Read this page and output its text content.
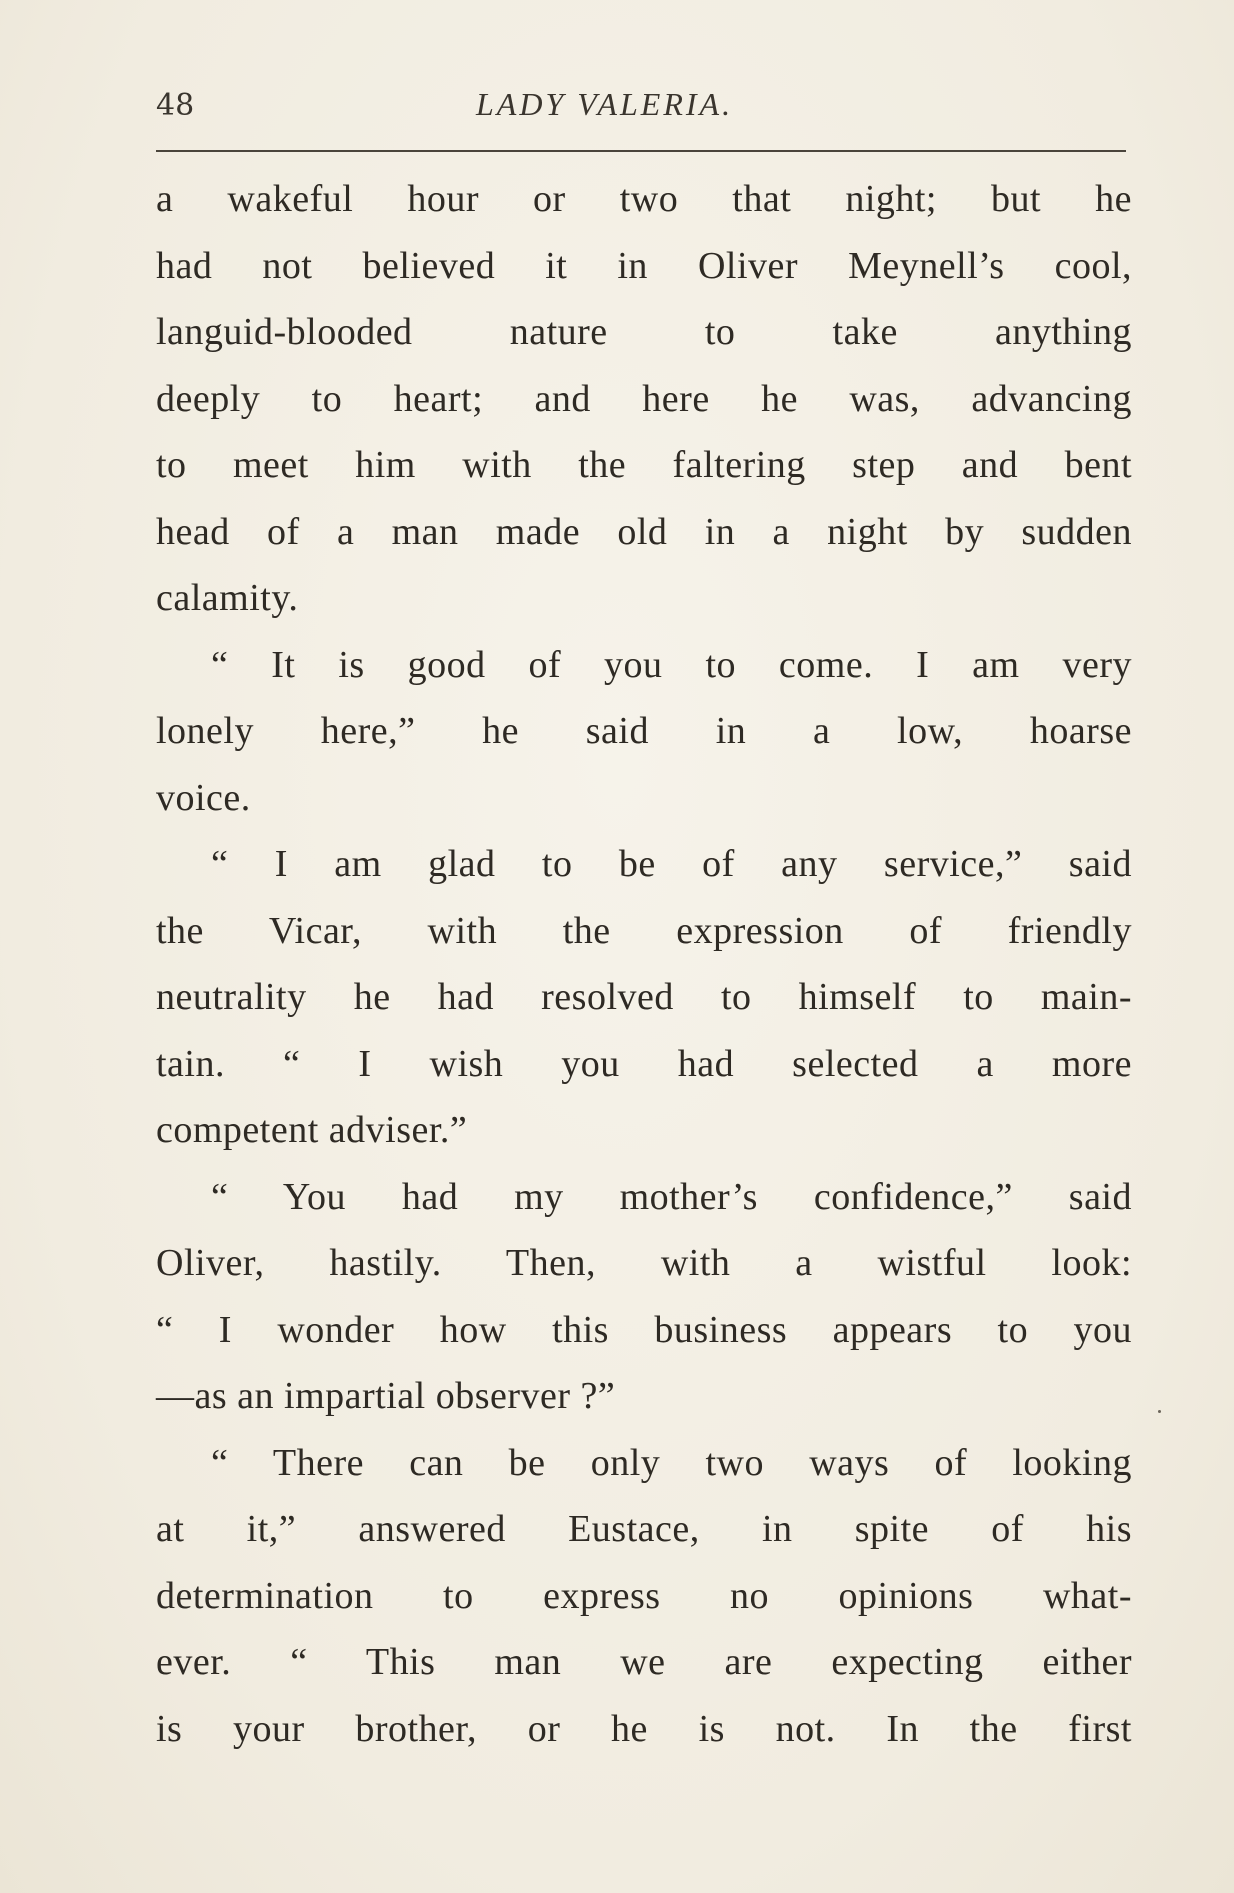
48	LADY VALERIA.
a wakeful hour or two that night; but he
had not believed it in Oliver Meynell’s cool,
languid-blooded nature to take anything
deeply to heart; and here he was, advancing
to meet him with the faltering step and bent
head of a man made old in a night by sudden
calamity.
“ It is good of you to come. I am very
lonely here,” he said in a low, hoarse
voice.
“ I am glad to be of any service,” said
the Vicar, with the expression of friendly
neutrality he had resolved to himself to main-
tain. “ I wish you had selected a more
competent adviser.”
“ You had my mother’s confidence,” said
Oliver, hastily. Then, with a wistful look:
“ I wonder how this business appears to you
—as an impartial observer ?”
“ There can be only two ways of looking
at it,” answered Eustace, in spite of his
determination to express no opinions what-
ever. “ This man we are expecting either
is your brother, or he is not. In the first
